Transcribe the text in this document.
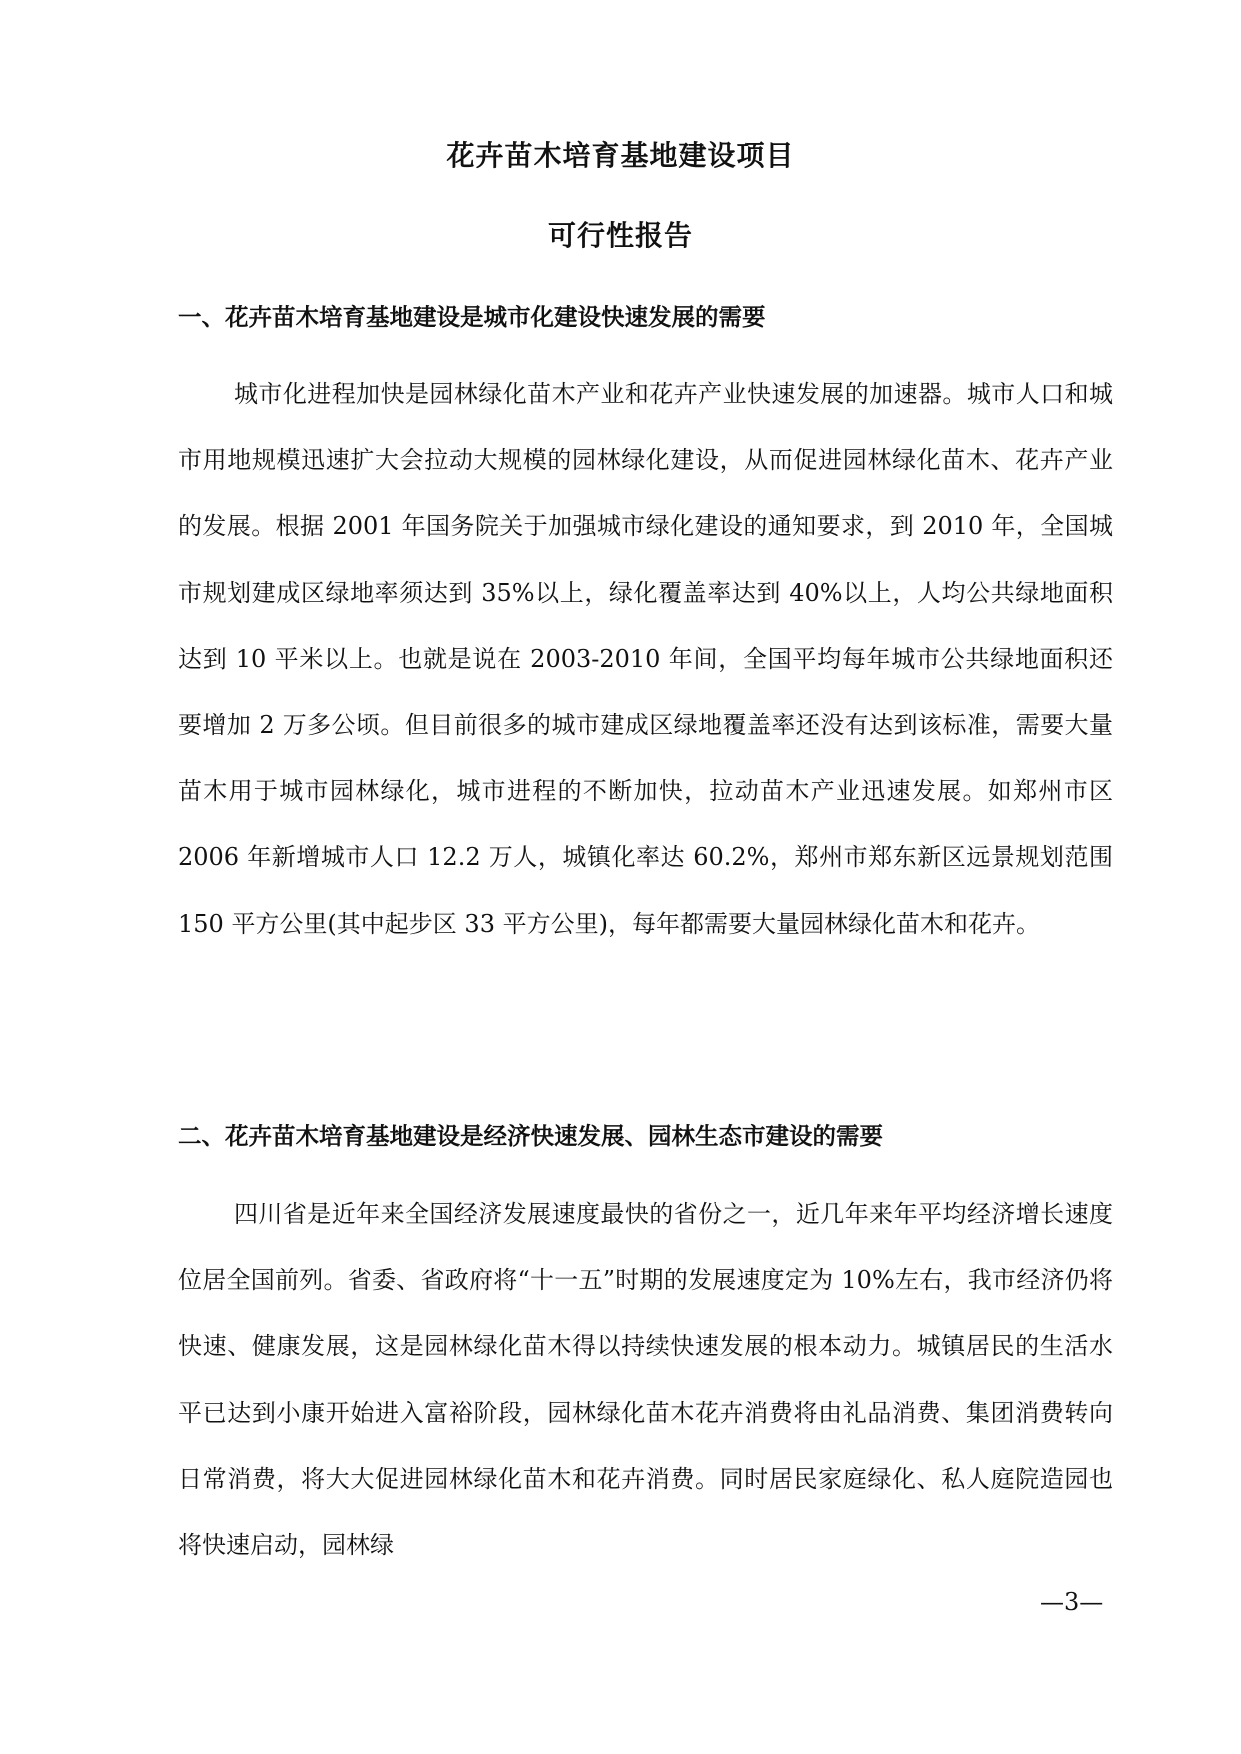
花卉苗木培育基地建设项目
可行性报告
一、花卉苗木培育基地建设是城市化建设快速发展的需要

城市化进程加快是园林绿化苗木产业和花卉产业快速发展的加速器。城市人口和城市用地规模迅速扩大会拉动大规模的园林绿化建设，从而促进园林绿化苗木、花卉产业的发展。根据 2001 年国务院关于加强城市绿化建设的通知要求，到 2010 年，全国城市规划建成区绿地率须达到 35%以上，绿化覆盖率达到 40%以上，人均公共绿地面积达到 10 平米以上。也就是说在 2003-2010 年间，全国平均每年城市公共绿地面积还要增加 2 万多公顷。但目前很多的城市建成区绿地覆盖率还没有达到该标准，需要大量苗木用于城市园林绿化，城市进程的不断加快，拉动苗木产业迅速发展。如郑州市区 2006 年新增城市人口 12.2 万人，城镇化率达 60.2%，郑州市郑东新区远景规划范围 150 平方公里(其中起步区 33 平方公里)，每年都需要大量园林绿化苗木和花卉。

二、花卉苗木培育基地建设是经济快速发展、园林生态市建设的需要

四川省是近年来全国经济发展速度最快的省份之一，近几年来年平均经济增长速度位居全国前列。省委、省政府将“十一五”时期的发展速度定为 10%左右，我市经济仍将快速、健康发展，这是园林绿化苗木得以持续快速发展的根本动力。城镇居民的生活水平已达到小康开始进入富裕阶段，园林绿化苗木花卉消费将由礼品消费、集团消费转向日常消费，将大大促进园林绿化苗木和花卉消费。同时居民家庭绿化、私人庭院造园也将快速启动，园林绿

—3—
